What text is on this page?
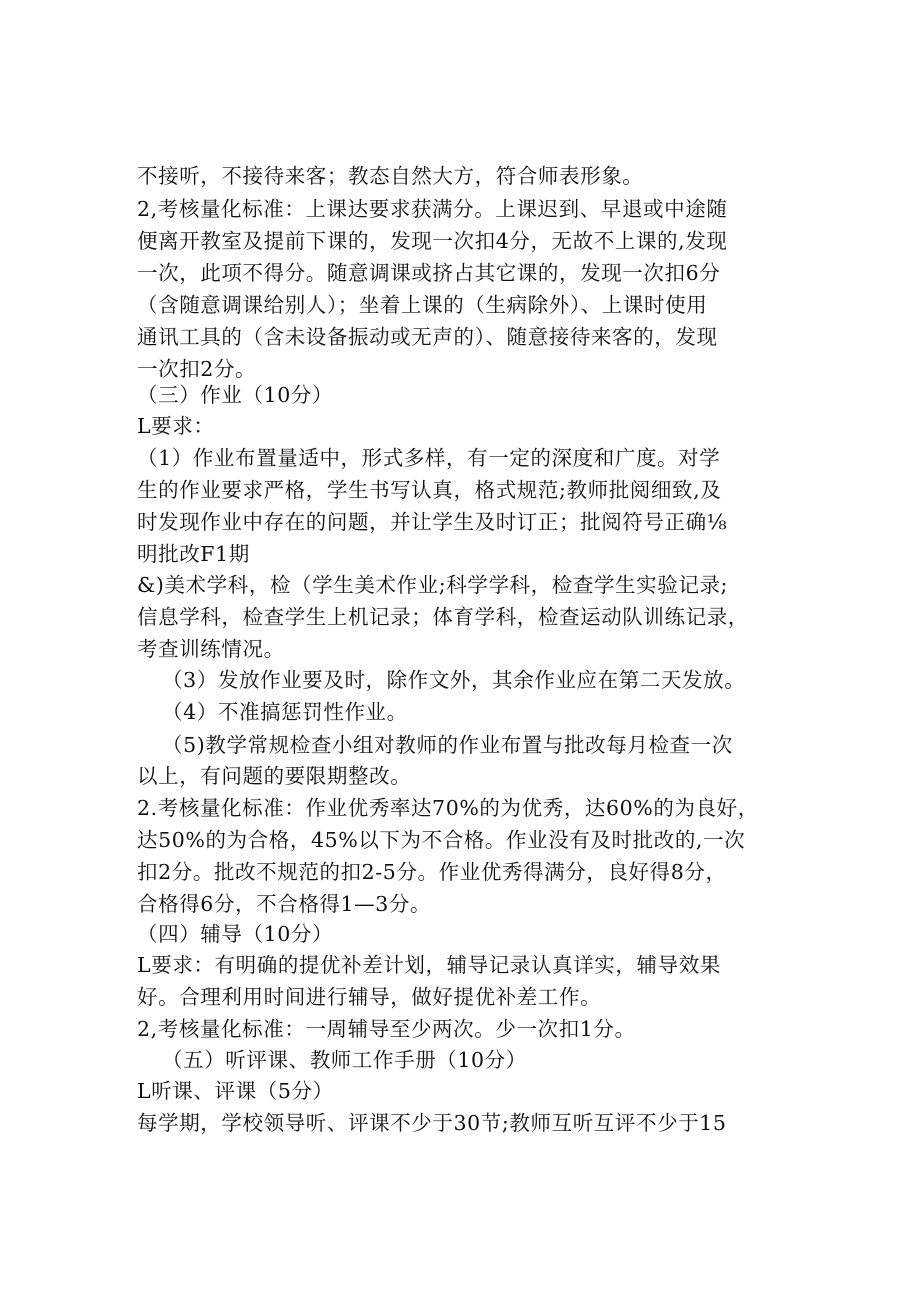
不接听，不接待来客；教态自然大方，符合师表形象。
2,考核量化标准：上课达要求获满分。上课迟到、早退或中途随
便离开教室及提前下课的，发现一次扣4分，无故不上课的,发现
一次，此项不得分。随意调课或挤占其它课的，发现一次扣6分
（含随意调课给别人）；坐着上课的（生病除外）、上课时使用
通讯工具的（含未设备振动或无声的）、随意接待来客的，发现
一次扣2分。
（三）作业（10分）
L要求：
（1）作业布置量适中，形式多样，有一定的深度和广度。对学
生的作业要求严格，学生书写认真，格式规范;教师批阅细致,及
时发现作业中存在的问题，并让学生及时订正；批阅符号正确⅛
明批改F1期
&)美术学科，检（学生美术作业;科学学科，检查学生实验记录;
信息学科，检查学生上机记录；体育学科，检查运动队训练记录，
考查训练情况。
（3）发放作业要及时，除作文外，其余作业应在第二天发放。
（4）不准搞惩罚性作业。
（5)教学常规检查小组对教师的作业布置与批改每月检查一次
以上，有问题的要限期整改。
2.考核量化标准：作业优秀率达70%的为优秀，达60%的为良好，
达50%的为合格，45%以下为不合格。作业没有及时批改的,一次
扣2分。批改不规范的扣2-5分。作业优秀得满分，良好得8分，
合格得6分，不合格得1—3分。
（四）辅导（10分）
L要求：有明确的提优补差计划，辅导记录认真详实，辅导效果
好。合理利用时间进行辅导，做好提优补差工作。
2,考核量化标准：一周辅导至少两次。少一次扣1分。
（五）听评课、教师工作手册（10分）
L听课、评课（5分）
每学期，学校领导听、评课不少于30节;教师互听互评不少于15
